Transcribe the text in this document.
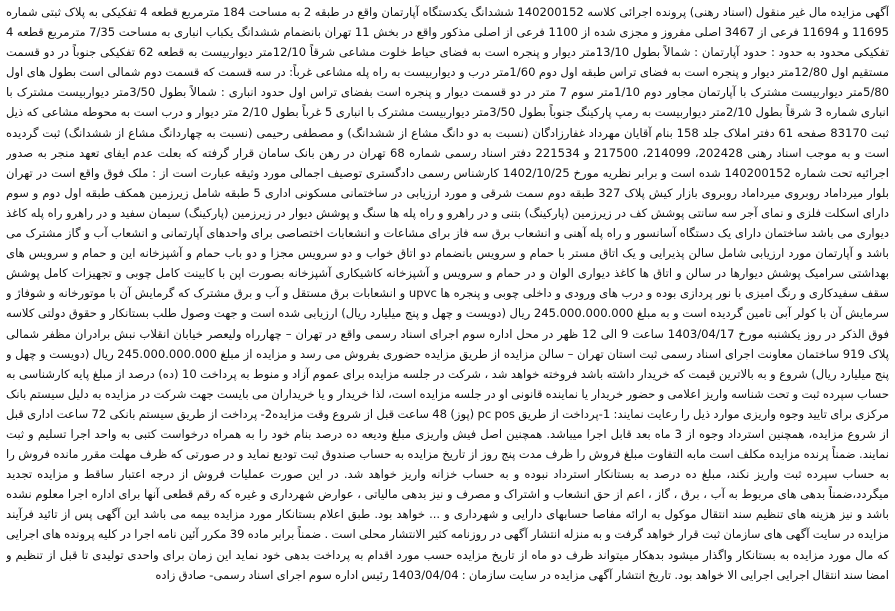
آگهی مزایده مال غیر منقول (اسناد رهنی) پرونده اجرائی کلاسه 140200152 ششدانگ یکدستگاه آپارتمان واقع در طبقه 2 به مساحت 184 مترمربع قطعه 4 تفکیکی به پلاک ثبتی شماره 11695 و 11694 فرعی از 3467 اصلی مفروز و مجزی شده از 1100 فرعی از اصلی مذکور واقع در بخش 11 تهران بانضمام ششدانگ یکباب انباری به مساحت 7/35 مترمربع قطعه 4 تفکیکی محدود به حدود : حدود آپارتمان : شمالاً بطول 13/10متر دیوار و پنجره است به فضای حیاط خلوت مشاعی شرقاً 12/10متر دیواربیست به قطعه 62 تفکیکی جنوباً در دو قسمت مستقیم اول 12/80متر دیوار و پنجره است به فضای تراس طبقه اول دوم 1/60متر درب و دیواربیست به راه پله مشاعی غرباً: در سه قسمت که قسمت دوم شمالی است بطول های اول 5/80متر دیواربیست مشترک با آپارتمان مجاور دوم 1/10متر سوم 7 متر در دو قسمت دیوار و پنجره است بفضای تراس اول حدود انباری : شمالاً بطول 3/50متر دیواربیست مشترک با انباری شماره 3 شرقاً بطول 2/10متر دیواربیست به رمپ پارکینگ جنوباً بطول 3/50متر دیواربیست مشترک با انباری 5 غرباً بطول 2/10 متر دیوار و درب است به محوطه مشاعی که ذیل ثبت 83170 صفحه 61 دفتر املاک جلد 158 بنام آقایان مهرداد غفارزادگان (نسبت به دو دانگ مشاع از ششدانگ) و مصطفی رحیمی (نسبت به چهاردانگ مشاع از ششدانگ) ثبت گردیده است و به موجب اسناد رهنی 202428، 214099، 217500 و 221534 دفتر اسناد رسمی شماره 68 تهران در رهن بانک سامان قرار گرفته که بعلت عدم ایفای تعهد منجر به صدور اجرائیه تحت شماره 140200152 شده است و برابر نظریه مورخ 1402/10/25 کارشناس رسمی دادگستری توصیف اجمالی مورد وثیقه عبارت است از : ملک فوق واقع است در تهران بلوار میرداماد روبروی میرداماد روبروی بازار کیش پلاک 327 طبقه دوم سمت شرقی و مورد ارزیابی در ساختمانی مسکونی اداری 5 طبقه شامل زیرزمین همکف طبقه اول دوم و سوم دارای اسکلت فلزی و نمای آجر سه سانتی پوشش کف در زیرزمین (پارکینگ) بتنی و در راهرو و راه پله ها سنگ و پوشش دیوار در زیرزمین (پارکینگ) سیمان سفید و در راهرو راه پله کاغذ دیواری می باشد ساختمان دارای یک دستگاه آسانسور و راه پله آهنی و انشعاب برق سه فاز برای مشاعات و انشعابات اختصاصی برای واحدهای آپارتمانی و انشعاب آب و گاز مشترک می باشد و آپارتمان مورد ارزیابی شامل سالن پذیرایی و یک اتاق مستر با حمام و سرویس بانضمام دو اتاق خواب و دو سرویس مجزا و دو باب حمام و آشپزخانه این و حمام و سرویس های بهداشتی سرامیک پوشش دیوارها در سالن و اتاق ها کاغذ دیواری الوان و در حمام و سرویس و آشپزخانه کاشیکاری آشپزخانه بصورت اپن با کابینت کامل چوبی و تجهیزات کامل پوشش سقف سفیدکاری و رنگ امیزی با نور پردازی بوده و درب های ورودی و داخلی چوبی و پنجره ها upvc و انشعابات برق مستقل و آب و برق مشترک که گرمایش آن با موتورخانه و شوفاژ و سرمایش آن با کولر آبی تامین گردیده است و به مبلغ 245.000.000.000 ریال (دویست و چهل و پنج میلیارد ریال) ارزیابی شده است و جهت وصول طلب بستانکار و حقوق دولتی کلاسه فوق الذکر در روز یکشنبه مورخ 1403/04/17 ساعت 9 الی 12 ظهر در محل اداره سوم اجرای اسناد رسمی واقع در تهران – چهارراه ولیعصر خیابان انقلاب نبش برادران مظفر شمالی پلاک 919 ساختمان معاونت اجرای اسناد رسمی ثبت استان تهران – سالن مزایده از طریق مزایده حضوری بفروش می رسد و مزایده از مبلغ 245.000.000.000 ریال (دویست و چهل و پنج میلیارد ریال) شروع و به بالاترین قیمت که خریدار داشته باشد فروخته خواهد شد ، شرکت در جلسه مزایده برای عموم آزاد و منوط به پرداخت 10 (ده) درصد از مبلغ پایه کارشناسی به حساب سپرده ثبت و تحت شناسه واریز اعلامی و حضور خریدار یا نماینده قانونی او در جلسه مزایده است، لذا خریدار و یا خریداران می بایست جهت شرکت در مزایده به دلیل سیستم بانک مرکزی برای تایید وجوه واریزی موارد ذیل را رعایت نمایند: 1-پرداخت از طریق pc pos (پوز) 48 ساعت قبل از شروع وقت مزایده2- پرداخت از طریق سیستم بانکی 72 ساعت اداری قبل از شروع مزایده، همچنین استرداد وجوه از 3 ماه بعد قابل اجرا میباشد. همچنین اصل فیش واریزی مبلغ ودیعه ده درصد بنام خود را به همراه درخواست کتبی به واحد اجرا تسلیم و ثبت نمایند. ضمناً پرنده مزایده مکلف است مابه التفاوت مبلغ فروش را ظرف مدت پنج روز از تاریخ مزایده به حساب صندوق ثبت تودیع نماید و در صورتی که ظرف مهلت مقرر مانده فروش را به حساب سپرده ثبت واریز نکند، مبلغ ده درصد به بستانکار استرداد نبوده و به حساب خزانه واریز خواهد شد. در این صورت عملیات فروش از درجه اعتبار ساقط و مزایده تجدید میگردد،ضمناً بدهی های مربوط به آب ، برق ، گاز ، اعم از حق انشعاب و اشتراک و مصرف و نیز بدهی مالیاتی ، عوارض شهرداری و غیره که رقم قطعی آنها برای اداره اجرا معلوم نشده باشد و نیز هزینه های تنظیم سند انتقال موکول به ارائه مفاصا حسابهای دارایی و شهرداری و ... خواهد بود. طبق اعلام بستانکار مورد مزایده بیمه می باشد این آگهی پس از تائید فرآیند مزایده در سایت آگهی های سازمان ثبت قرار خواهد گرفت و به منزله انتشار آگهی در روزنامه کثیر الانتشار محلی است . ضمناً برابر ماده 39 مکرر آئین نامه اجرا در کلیه پرونده های اجرایی که مال مورد مزایده به بستانکار واگذار میشود بدهکار میتواند ظرف دو ماه از تاریخ مزایده حسب مورد اقدام به پرداخت بدهی خود نماید این زمان برای واحدی تولیدی تا قبل از تنظیم و امضا سند انتقال اجرایی اجرایی الا خواهد بود. تاریخ انتشار آگهی مزایده در سایت سازمان : 1403/04/04 رئیس اداره سوم اجرای اسناد رسمی- صادق زاده
